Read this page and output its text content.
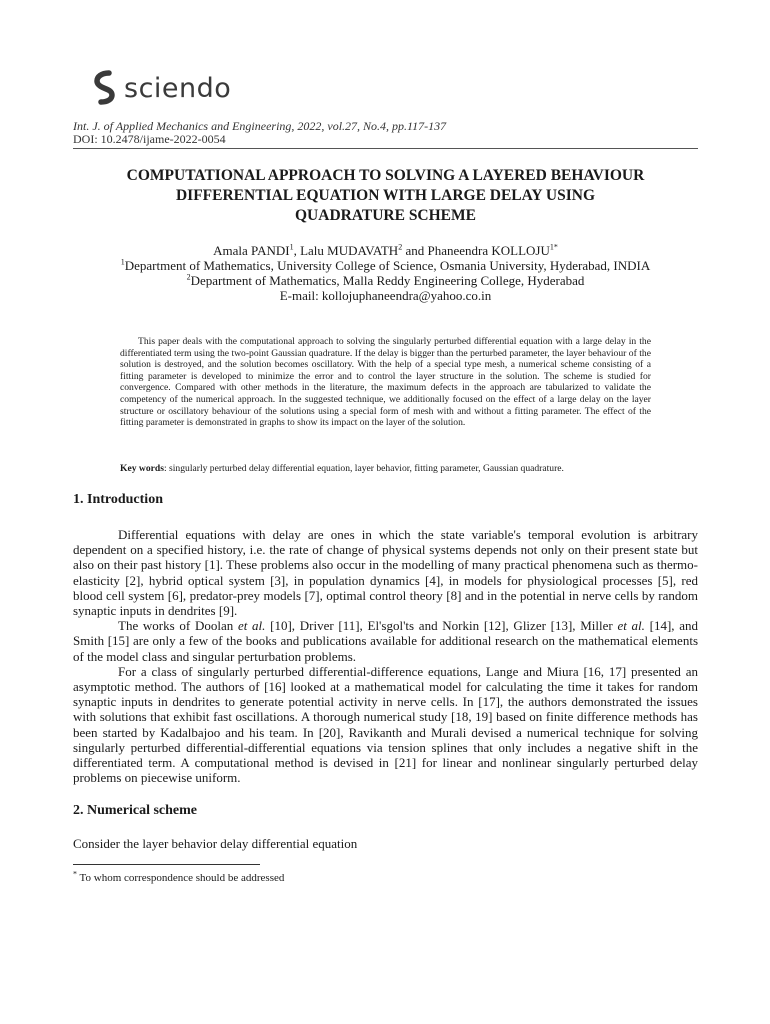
sciendo
Int. J. of Applied Mechanics and Engineering, 2022, vol.27, No.4, pp.117-137
DOI: 10.2478/ijame-2022-0054
COMPUTATIONAL APPROACH TO SOLVING A LAYERED BEHAVIOUR
DIFFERENTIAL EQUATION WITH LARGE DELAY USING
QUADRATURE SCHEME
Amala PANDI$^1$, Lalu MUDAVATH$^2$ and Phaneendra $KOLLOJU^{1*}$
$^1$Department of Mathematics, University College of Science, Osmania University, Hyderabad, INDIA
$^2$Department of Mathematics, Malla Reddy Engineering College, Hyderabad
E-mail: kollojuphaneendra@yahoo.co.in
This paper deals with the computational approach to solving the singularly perturbed differential equation with a large delay in the differentiated term using the two-point Gaussian quadrature. If the delay is bigger than the perturbed parameter, the layer behaviour of the solution is destroyed, and the solution becomes oscillatory. With the help of a special type mesh, a numerical scheme consisting of a fitting parameter is developed to minimize the error and to control the layer structure in the solution. The scheme is studied for convergence. Compared with other methods in the literature, the maximum defects in the approach are tabularized to validate the competency of the numerical approach. In the suggested technique, we additionally focused on the effect of a large delay on the layer structure or oscillatory behaviour of the solutions using a special form of mesh with and without a fitting parameter. The effect of the fitting parameter is demonstrated in graphs to show its impact on the layer of the solution.
Key words: singularly perturbed delay differential equation, layer behavior, fitting parameter, Gaussian quadrature.
1. Introduction

Differential equations with delay are ones in which the state variable's temporal evolution is arbitrary dependent on a specified history, i.e. the rate of change of physical systems depends not only on their present state but also on their past history [1]. These problems also occur in the modelling of many practical phenomena such as thermo-elasticity [2], hybrid optical system [3], in population dynamics [4], in models for physiological processes [5], red blood cell system [6], predator-prey models [7], optimal control theory [8] and in the potential in nerve cells by random synaptic inputs in dendrites [9].

The works of Doolan et al. [10], Driver [11], El'sgol'ts and Norkin [12], Glizer [13], Miller et al. [14], and Smith [15] are only a few of the books and publications available for additional research on the mathematical elements of the model class and singular perturbation problems.

For a class of singularly perturbed differential-difference equations, Lange and Miura [16, 17] presented an asymptotic method. The authors of [16] looked at a mathematical model for calculating the time it takes for random synaptic inputs in dendrites to generate potential activity in nerve cells. In [17], the authors demonstrated the issues with solutions that exhibit fast oscillations. A thorough numerical study [18, 19] based on finite difference methods has been started by Kadalbajoo and his team. In [20], Ravikanth and Murali devised a numerical technique for solving singularly perturbed differential-differential equations via tension splines that only includes a negative shift in the differentiated term. A computational method is devised in [21] for linear and nonlinear singularly perturbed delay problems on piecewise uniform.

2. Numerical scheme
Consider the layer behavior delay differential equation
* To whom correspondence should be addressed
